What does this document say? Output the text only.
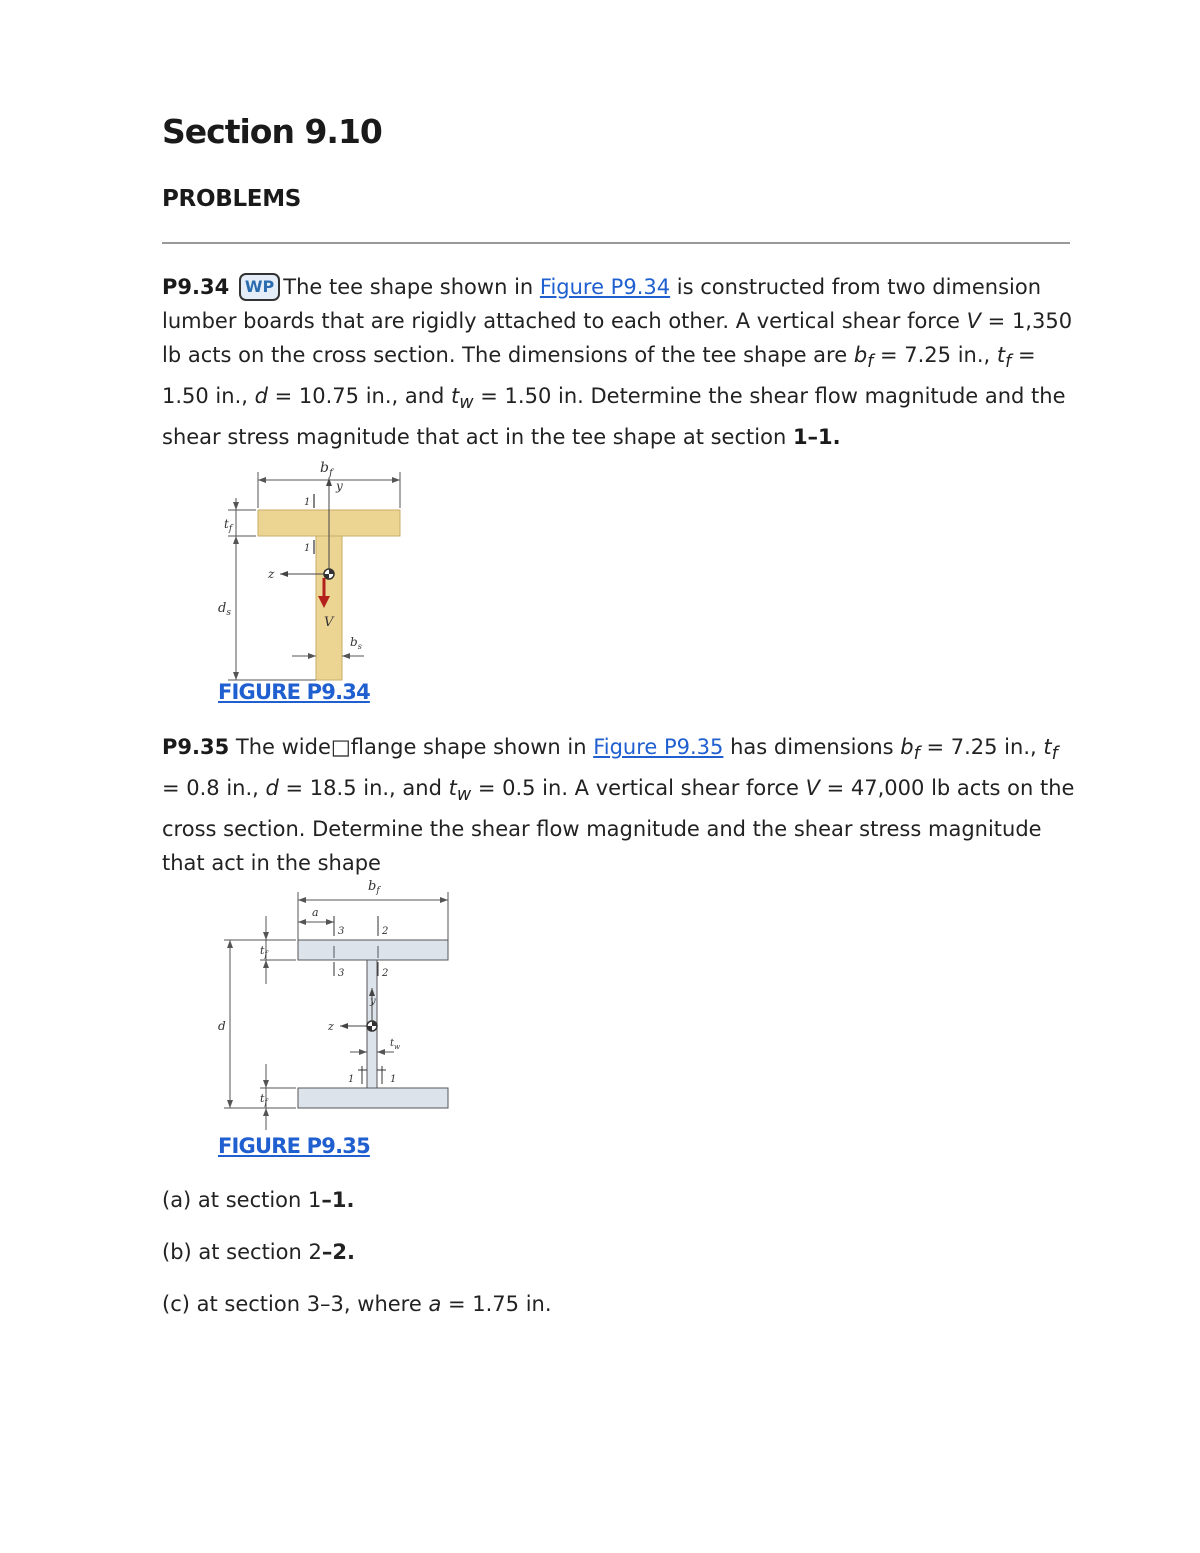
Section 9.10
PROBLEMS

P9.34 WP The tee shape shown in Figure P9.34 is constructed from two dimension lumber boards that are rigidly attached to each other. A vertical shear force V = 1,350 lb acts on the cross section. The dimensions of the tee shape are $b_f = 7.25$ in., $t_f = 1.50$ in., d = 10.75 in., and $t_w = 1.50$ in. Determine the shear flow magnitude and the shear stress magnitude that act in the tee shape at section 1–1.

$b_f$
y
1
1
$t_f$
$d_s$
z
V
$b_s$
FIGURE P9.34

P9.35 The wide□flange shape shown in Figure P9.35 has dimensions $b_f = 7.25$ in., $t_f = 0.8$ in., d = 18.5 in., and $t_w = 0.5$ in. A vertical shear force V = 47,000 lb acts on the cross section. Determine the shear flow magnitude and the shear stress magnitude that act in the shape

$b_f$
a
3	2
3	2
d
$t_f$
$t_f$
y
z
$t_w$
1	1
FIGURE P9.35
(a) at section 1–1.
(b) at section 2–2.
(c) at section 3–3, where a = 1.75 in.
